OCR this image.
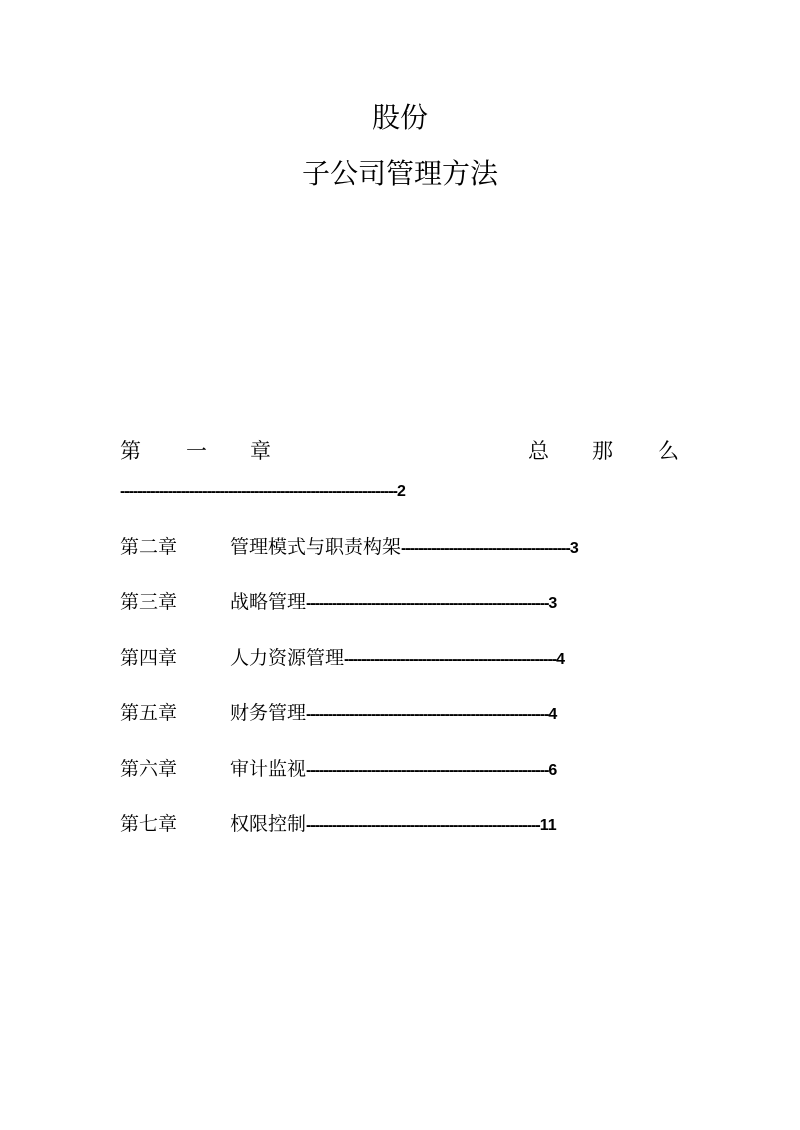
股份
子公司管理方法
第 一 章	总 那 么
----------------------------------------------------------------2
第二章	管理模式与职责构架---------------------------------------3
第三章	战略管理--------------------------------------------------------3
第四章	人力资源管理-------------------------------------------------4
第五章	财务管理--------------------------------------------------------4
第六章	审计监视--------------------------------------------------------6
第七章	权限控制------------------------------------------------------11
